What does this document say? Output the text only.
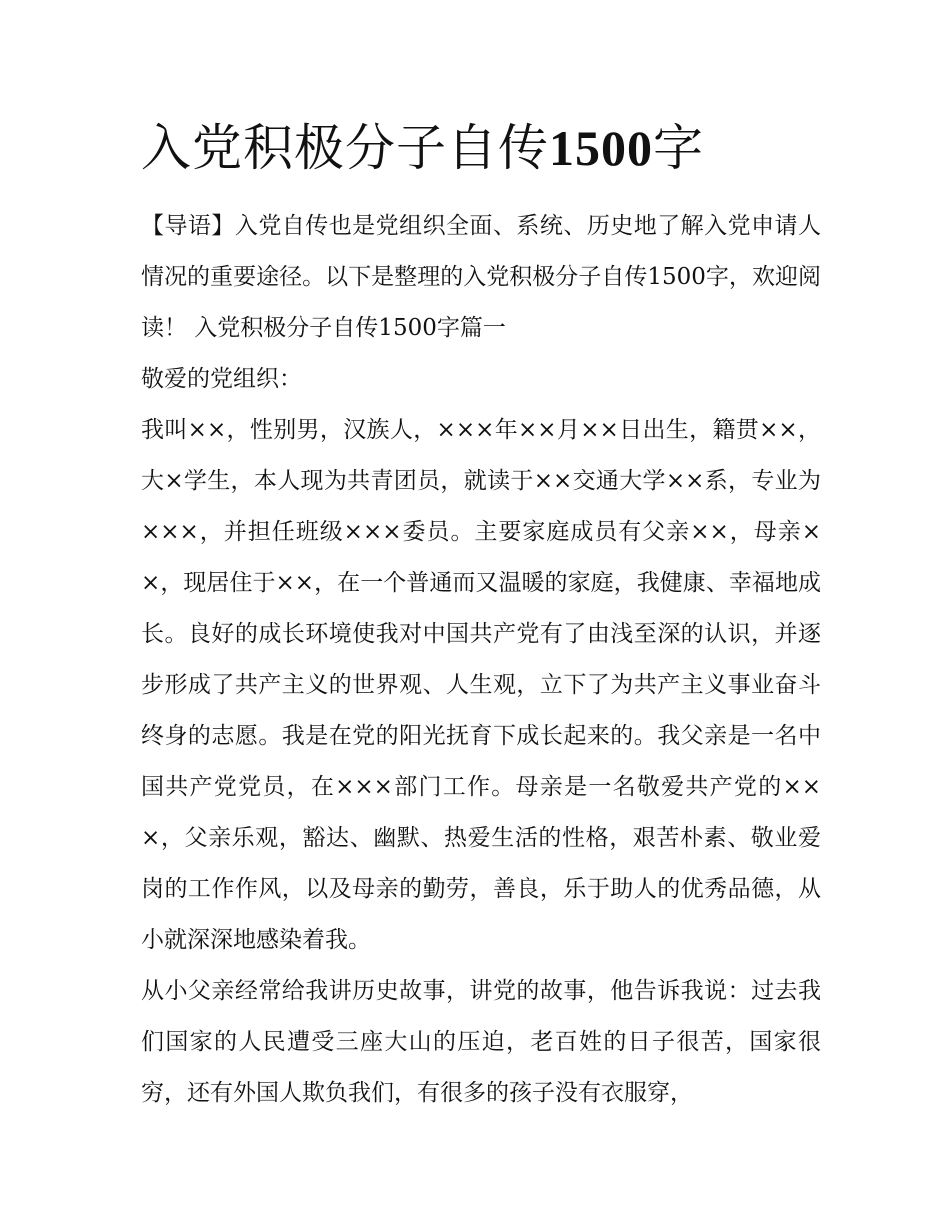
入党积极分子自传1500字

【导语】入党自传也是党组织全面、系统、历史地了解入党申请人情况的重要途径。以下是整理的入党积极分子自传1500字，欢迎阅读！ 入党积极分子自传1500字篇一

敬爱的党组织：

我叫××，性别男，汉族人，×××年××月××日出生，籍贯××，大×学生，本人现为共青团员，就读于××交通大学××系，专业为×××，并担任班级×××委员。主要家庭成员有父亲××，母亲××，现居住于××，在一个普通而又温暖的家庭，我健康、幸福地成长。良好的成长环境使我对中国共产党有了由浅至深的认识，并逐步形成了共产主义的世界观、人生观，立下了为共产主义事业奋斗终身的志愿。我是在党的阳光抚育下成长起来的。我父亲是一名中国共产党党员，在×××部门工作。母亲是一名敬爱共产党的×××，父亲乐观，豁达、幽默、热爱生活的性格，艰苦朴素、敬业爱岗的工作作风，以及母亲的勤劳，善良，乐于助人的优秀品德，从小就深深地感染着我。

从小父亲经常给我讲历史故事，讲党的故事，他告诉我说：过去我们国家的人民遭受三座大山的压迫，老百姓的日子很苦，国家很穷，还有外国人欺负我们，有很多的孩子没有衣服穿，
